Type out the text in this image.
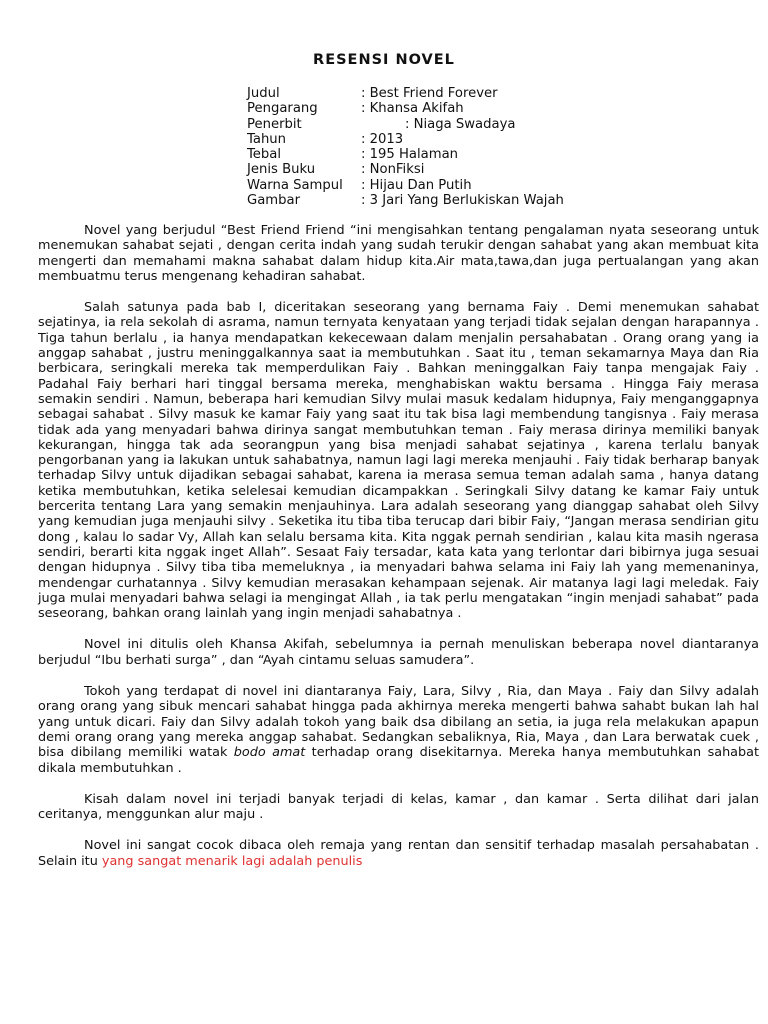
RESENSI NOVEL
Judul	: Best Friend Forever
Pengarang	: Khansa Akifah
Penerbit	: Niaga Swadaya
Tahun	: 2013
Tebal	: 195 Halaman
Jenis Buku	: NonFiksi
Warna Sampul	: Hijau Dan Putih
Gambar	: 3 Jari Yang Berlukiskan Wajah

Novel yang berjudul “Best Friend Friend “ini mengisahkan tentang pengalaman nyata seseorang untuk menemukan sahabat sejati , dengan cerita indah yang sudah terukir dengan sahabat yang akan membuat kita mengerti dan memahami makna sahabat dalam hidup kita.Air mata,tawa,dan juga pertualangan yang akan membuatmu terus mengenang kehadiran sahabat.

Salah satunya pada bab I, diceritakan seseorang yang bernama Faiy . Demi menemukan sahabat sejatinya, ia rela sekolah di asrama, namun ternyata kenyataan yang terjadi tidak sejalan dengan harapannya . Tiga tahun berlalu , ia hanya mendapatkan kekecewaan dalam menjalin persahabatan . Orang orang yang ia anggap sahabat , justru meninggalkannya saat ia membutuhkan . Saat itu , teman sekamarnya Maya dan Ria berbicara, seringkali mereka tak memperdulikan Faiy . Bahkan meninggalkan Faiy tanpa mengajak Faiy . Padahal Faiy berhari hari tinggal bersama mereka, menghabiskan waktu bersama . Hingga Faiy merasa semakin sendiri . Namun, beberapa hari kemudian Silvy mulai masuk kedalam hidupnya, Faiy menganggapnya sebagai sahabat . Silvy masuk ke kamar Faiy yang saat itu tak bisa lagi membendung tangisnya . Faiy merasa tidak ada yang menyadari bahwa dirinya sangat membutuhkan teman . Faiy merasa dirinya memiliki banyak kekurangan, hingga tak ada seorangpun yang bisa menjadi sahabat sejatinya , karena terlalu banyak pengorbanan yang ia lakukan untuk sahabatnya, namun lagi lagi mereka menjauhi . Faiy tidak berharap banyak terhadap Silvy untuk dijadikan sebagai sahabat, karena ia merasa semua teman adalah sama , hanya datang ketika membutuhkan, ketika selelesai kemudian dicampakkan . Seringkali Silvy datang ke kamar Faiy untuk bercerita tentang Lara yang semakin menjauhinya. Lara adalah seseorang yang dianggap sahabat oleh Silvy yang kemudian juga menjauhi silvy . Seketika itu tiba tiba terucap dari bibir Faiy, “Jangan merasa sendirian gitu dong , kalau lo sadar Vy, Allah kan selalu bersama kita. Kita nggak pernah sendirian , kalau kita masih ngerasa sendiri, berarti kita nggak inget Allah”. Sesaat Faiy tersadar, kata kata yang terlontar dari bibirnya juga sesuai dengan hidupnya . Silvy tiba tiba memeluknya , ia menyadari bahwa selama ini Faiy lah yang memenaninya, mendengar curhatannya . Silvy kemudian merasakan kehampaan sejenak. Air matanya lagi lagi meledak. Faiy juga mulai menyadari bahwa selagi ia mengingat Allah , ia tak perlu mengatakan “ingin menjadi sahabat” pada seseorang, bahkan orang lainlah yang ingin menjadi sahabatnya .

Novel ini ditulis oleh Khansa Akifah, sebelumnya ia pernah menuliskan beberapa novel diantaranya berjudul “Ibu berhati surga” , dan “Ayah cintamu seluas samudera”.

Tokoh yang terdapat di novel ini diantaranya Faiy, Lara, Silvy , Ria, dan Maya . Faiy dan Silvy adalah orang orang yang sibuk mencari sahabat hingga pada akhirnya mereka mengerti bahwa sahabt bukan lah hal yang untuk dicari. Faiy dan Silvy adalah tokoh yang baik dsa dibilang an setia, ia juga rela melakukan apapun demi orang orang yang mereka anggap sahabat. Sedangkan sebaliknya, Ria, Maya , dan Lara berwatak cuek , bisa dibilang memiliki watak bodo amat terhadap orang disekitarnya. Mereka hanya membutuhkan sahabat dikala membutuhkan .

Kisah dalam novel ini terjadi banyak terjadi di kelas, kamar , dan kamar . Serta dilihat dari jalan ceritanya, menggunkan alur maju .

Novel ini sangat cocok dibaca oleh remaja yang rentan dan sensitif terhadap masalah persahabatan . Selain itu yang sangat menarik lagi adalah penulis
